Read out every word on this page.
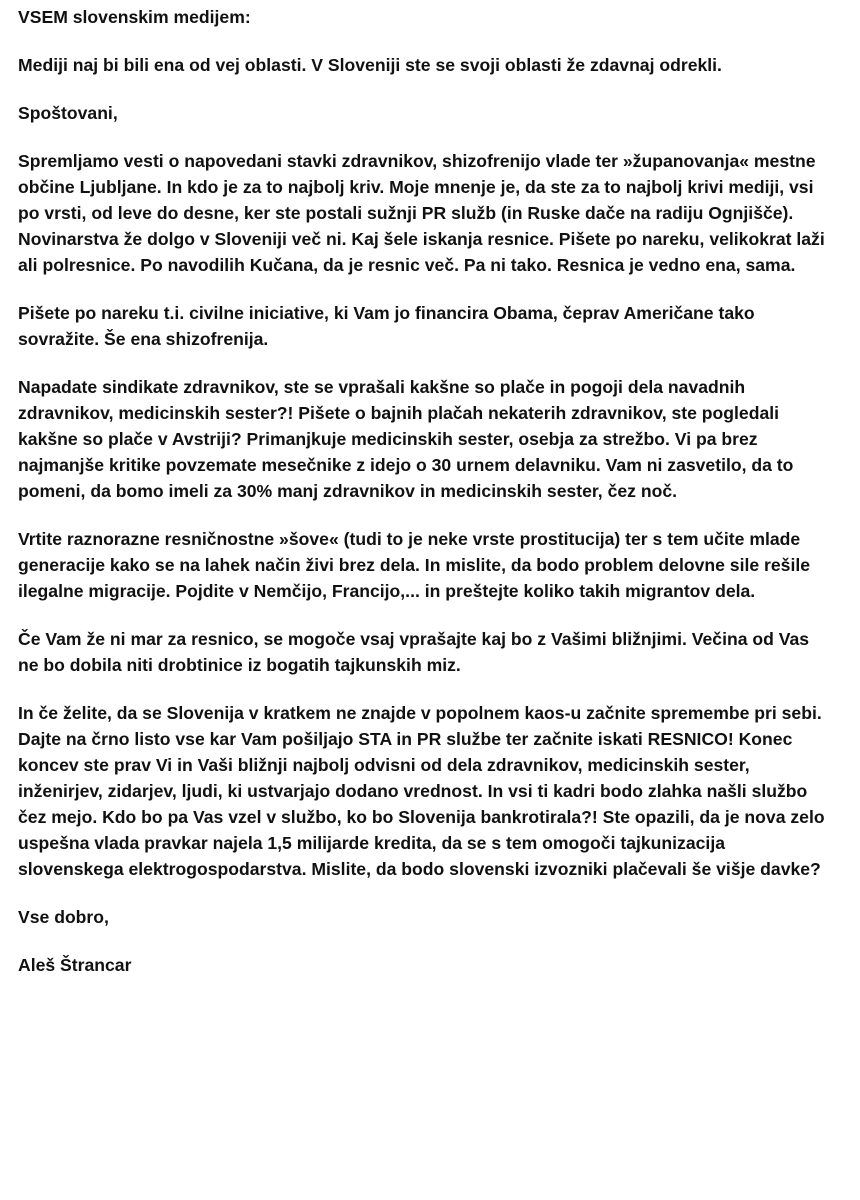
VSEM slovenskim medijem:

Mediji naj bi bili ena od vej oblasti. V Sloveniji ste se svoji oblasti že zdavnaj odrekli.

Spoštovani,

Spremljamo vesti o napovedani stavki zdravnikov, shizofrenijo vlade ter »županovanja« mestne občine Ljubljane. In kdo je za to najbolj kriv. Moje mnenje je, da ste za to najbolj krivi mediji, vsi po vrsti, od leve do desne, ker ste postali sužnji PR služb (in Ruske dače na radiju Ognjišče). Novinarstva že dolgo v Sloveniji več ni. Kaj šele iskanja resnice. Pišete po nareku, velikokrat laži ali polresnice. Po navodilih Kučana, da je resnic več. Pa ni tako. Resnica je vedno ena, sama.

Pišete po nareku t.i. civilne iniciative, ki Vam jo financira Obama, čeprav Američane tako sovražite. Še ena shizofrenija.

Napadate sindikate zdravnikov, ste se vprašali kakšne so plače in pogoji dela navadnih zdravnikov, medicinskih sester?! Pišete o bajnih plačah nekaterih zdravnikov, ste pogledali kakšne so plače v Avstriji? Primanjkuje medicinskih sester, osebja za strežbo. Vi pa brez najmanjše kritike povzemate mesečnike z idejo o 30 urnem delavniku. Vam ni zasvetilo, da to pomeni, da bomo imeli za 30% manj zdravnikov in medicinskih sester, čez noč.

Vrtite raznorazne resničnostne »šove« (tudi to je neke vrste prostitucija) ter s tem učite mlade generacije kako se na lahek način živi brez dela. In mislite, da bodo problem delovne sile rešile ilegalne migracije. Pojdite v Nemčijo, Francijo,... in preštejte koliko takih migrantov dela.

Če Vam že ni mar za resnico, se mogoče vsaj vprašajte kaj bo z Vašimi bližnjimi. Večina od Vas ne bo dobila niti drobtinice iz bogatih tajkunskih miz.

In če želite, da se Slovenija v kratkem ne znajde v popolnem kaos-u začnite spremembe pri sebi. Dajte na črno listo vse kar Vam pošiljajo STA in PR službe ter začnite iskati RESNICO! Konec koncev ste prav Vi in Vaši bližnji najbolj odvisni od dela zdravnikov, medicinskih sester, inženirjev, zidarjev, ljudi, ki ustvarjajo dodano vrednost. In vsi ti kadri bodo zlahka našli službo čez mejo. Kdo bo pa Vas vzel v službo, ko bo Slovenija bankrotirala?! Ste opazili, da je nova zelo uspešna vlada pravkar najela 1,5 milijarde kredita, da se s tem omogoči tajkunizacija slovenskega elektrogospodarstva. Mislite, da bodo slovenski izvozniki plačevali še višje davke?

Vse dobro,

Aleš Štrancar
